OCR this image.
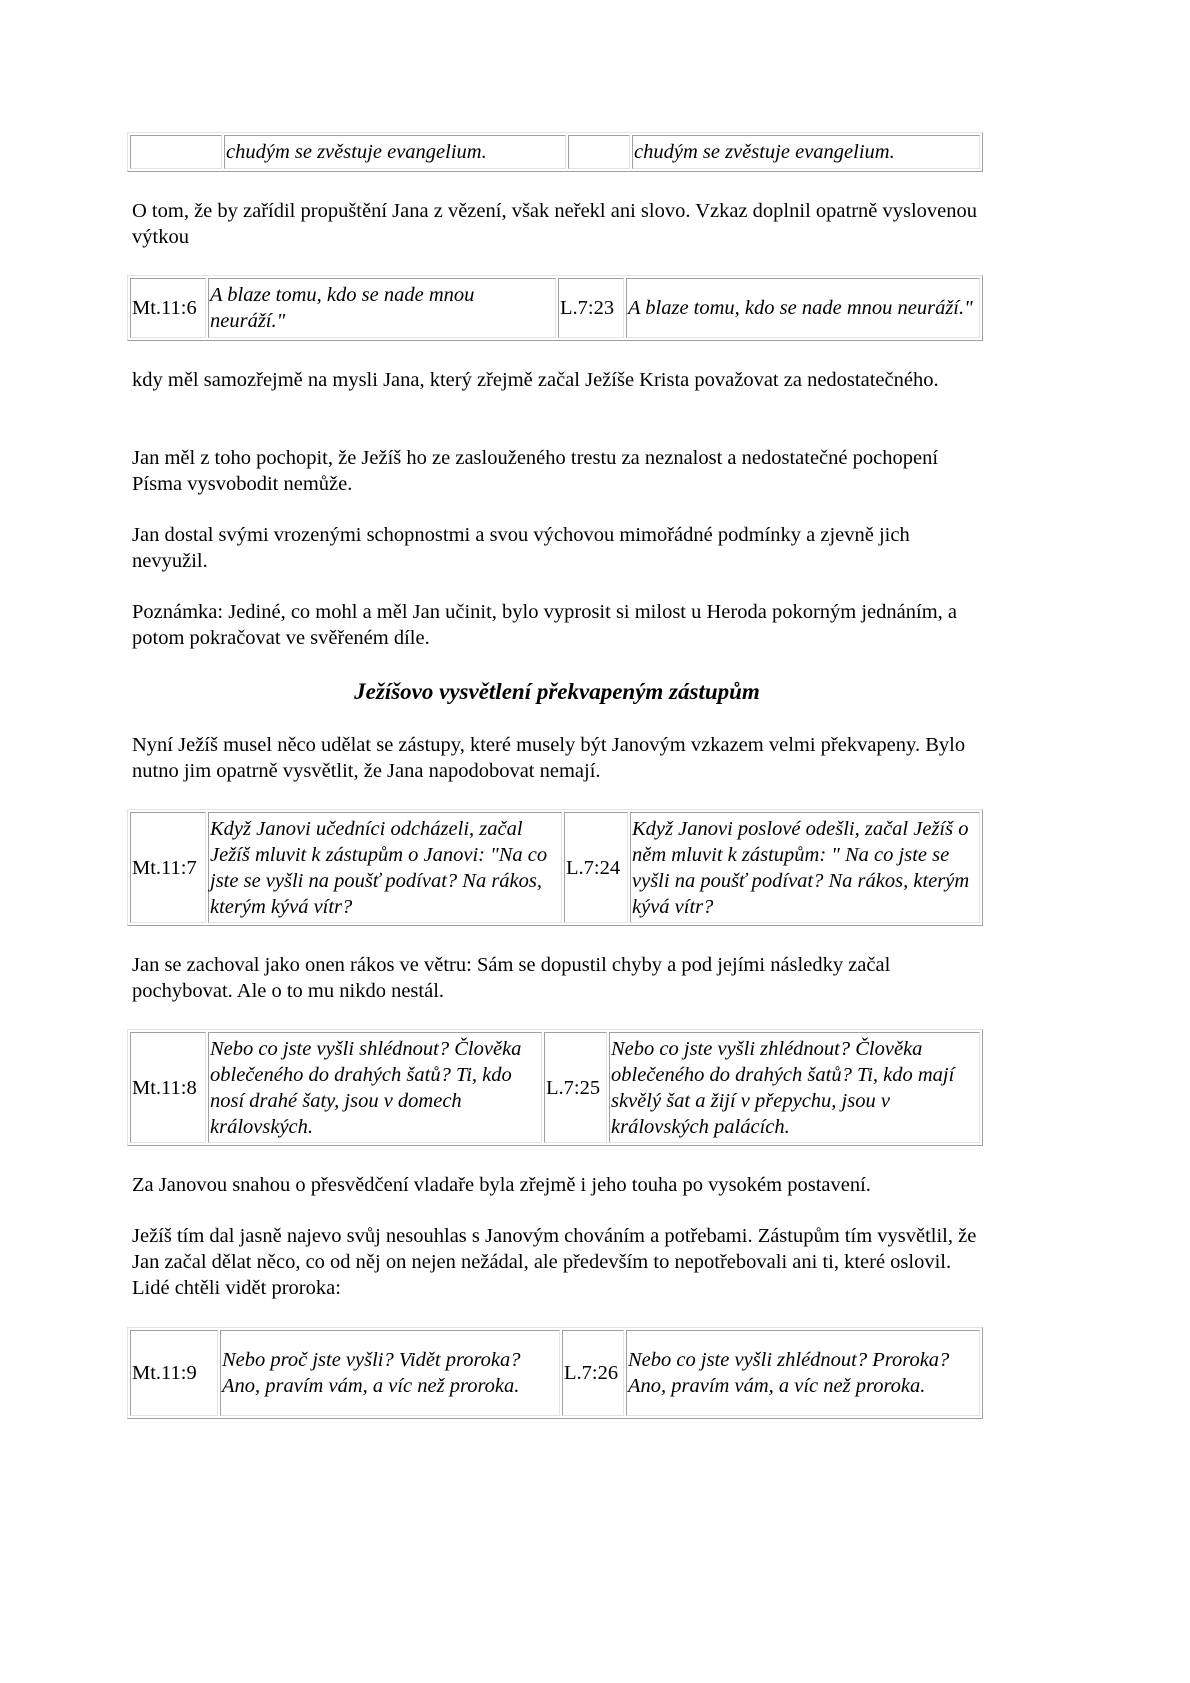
	chudým se zvěstuje evangelium.		chudým se zvěstuje evangelium.

O tom, že by zařídil propuštění Jana z vězení, však neřekl ani slovo. Vzkaz doplnil opatrně vyslovenou výtkou

Mt.11:6	A blaze tomu, kdo se nade mnou neuráží."	L.7:23	A blaze tomu, kdo se nade mnou neuráží."

kdy měl samozřejmě na mysli Jana, který zřejmě začal Ježíše Krista považovat za nedostatečného.

Jan měl z toho pochopit, že Ježíš ho ze zaslouženého trestu za neznalost a nedostatečné pochopení Písma vysvobodit nemůže.

Jan dostal svými vrozenými schopnostmi a svou výchovou mimořádné podmínky a zjevně jich nevyužil.

Poznámka: Jediné, co mohl a měl Jan učinit, bylo vyprosit si milost u Heroda pokorným jednáním, a potom pokračovat ve svěřeném díle.

Ježíšovo vysvětlení překvapeným zástupům

Nyní Ježíš musel něco udělat se zástupy, které musely být Janovým vzkazem velmi překvapeny. Bylo nutno jim opatrně vysvětlit, že Jana napodobovat nemají.

Mt.11:7	Když Janovi učedníci odcházeli, začal Ježíš mluvit k zástupům o Janovi: "Na co jste se vyšli na poušť podívat? Na rákos, kterým kývá vítr?	L.7:24	Když Janovi poslové odešli, začal Ježíš o něm mluvit k zástupům: " Na co jste se vyšli na poušť podívat? Na rákos, kterým kývá vítr?

Jan se zachoval jako onen rákos ve větru: Sám se dopustil chyby a pod jejími následky začal pochybovat. Ale o to mu nikdo nestál.

Mt.11:8	Nebo co jste vyšli shlédnout? Člověka oblečeného do drahých šatů? Ti, kdo nosí drahé šaty, jsou v domech královských.	L.7:25	Nebo co jste vyšli zhlédnout? Člověka oblečeného do drahých šatů? Ti, kdo mají skvělý šat a žijí v přepychu, jsou v královských palácích.

Za Janovou snahou o přesvědčení vladaře byla zřejmě i jeho touha po vysokém postavení.

Ježíš tím dal jasně najevo svůj nesouhlas s Janovým chováním a potřebami. Zástupům tím vysvětlil, že Jan začal dělat něco, co od něj on nejen nežádal, ale především to nepotřebovali ani ti, které oslovil. Lidé chtěli vidět proroka:

Mt.11:9	Nebo proč jste vyšli? Vidět proroka? Ano, pravím vám, a víc než proroka.	L.7:26	Nebo co jste vyšli zhlédnout? Proroka? Ano, pravím vám, a víc než proroka.
